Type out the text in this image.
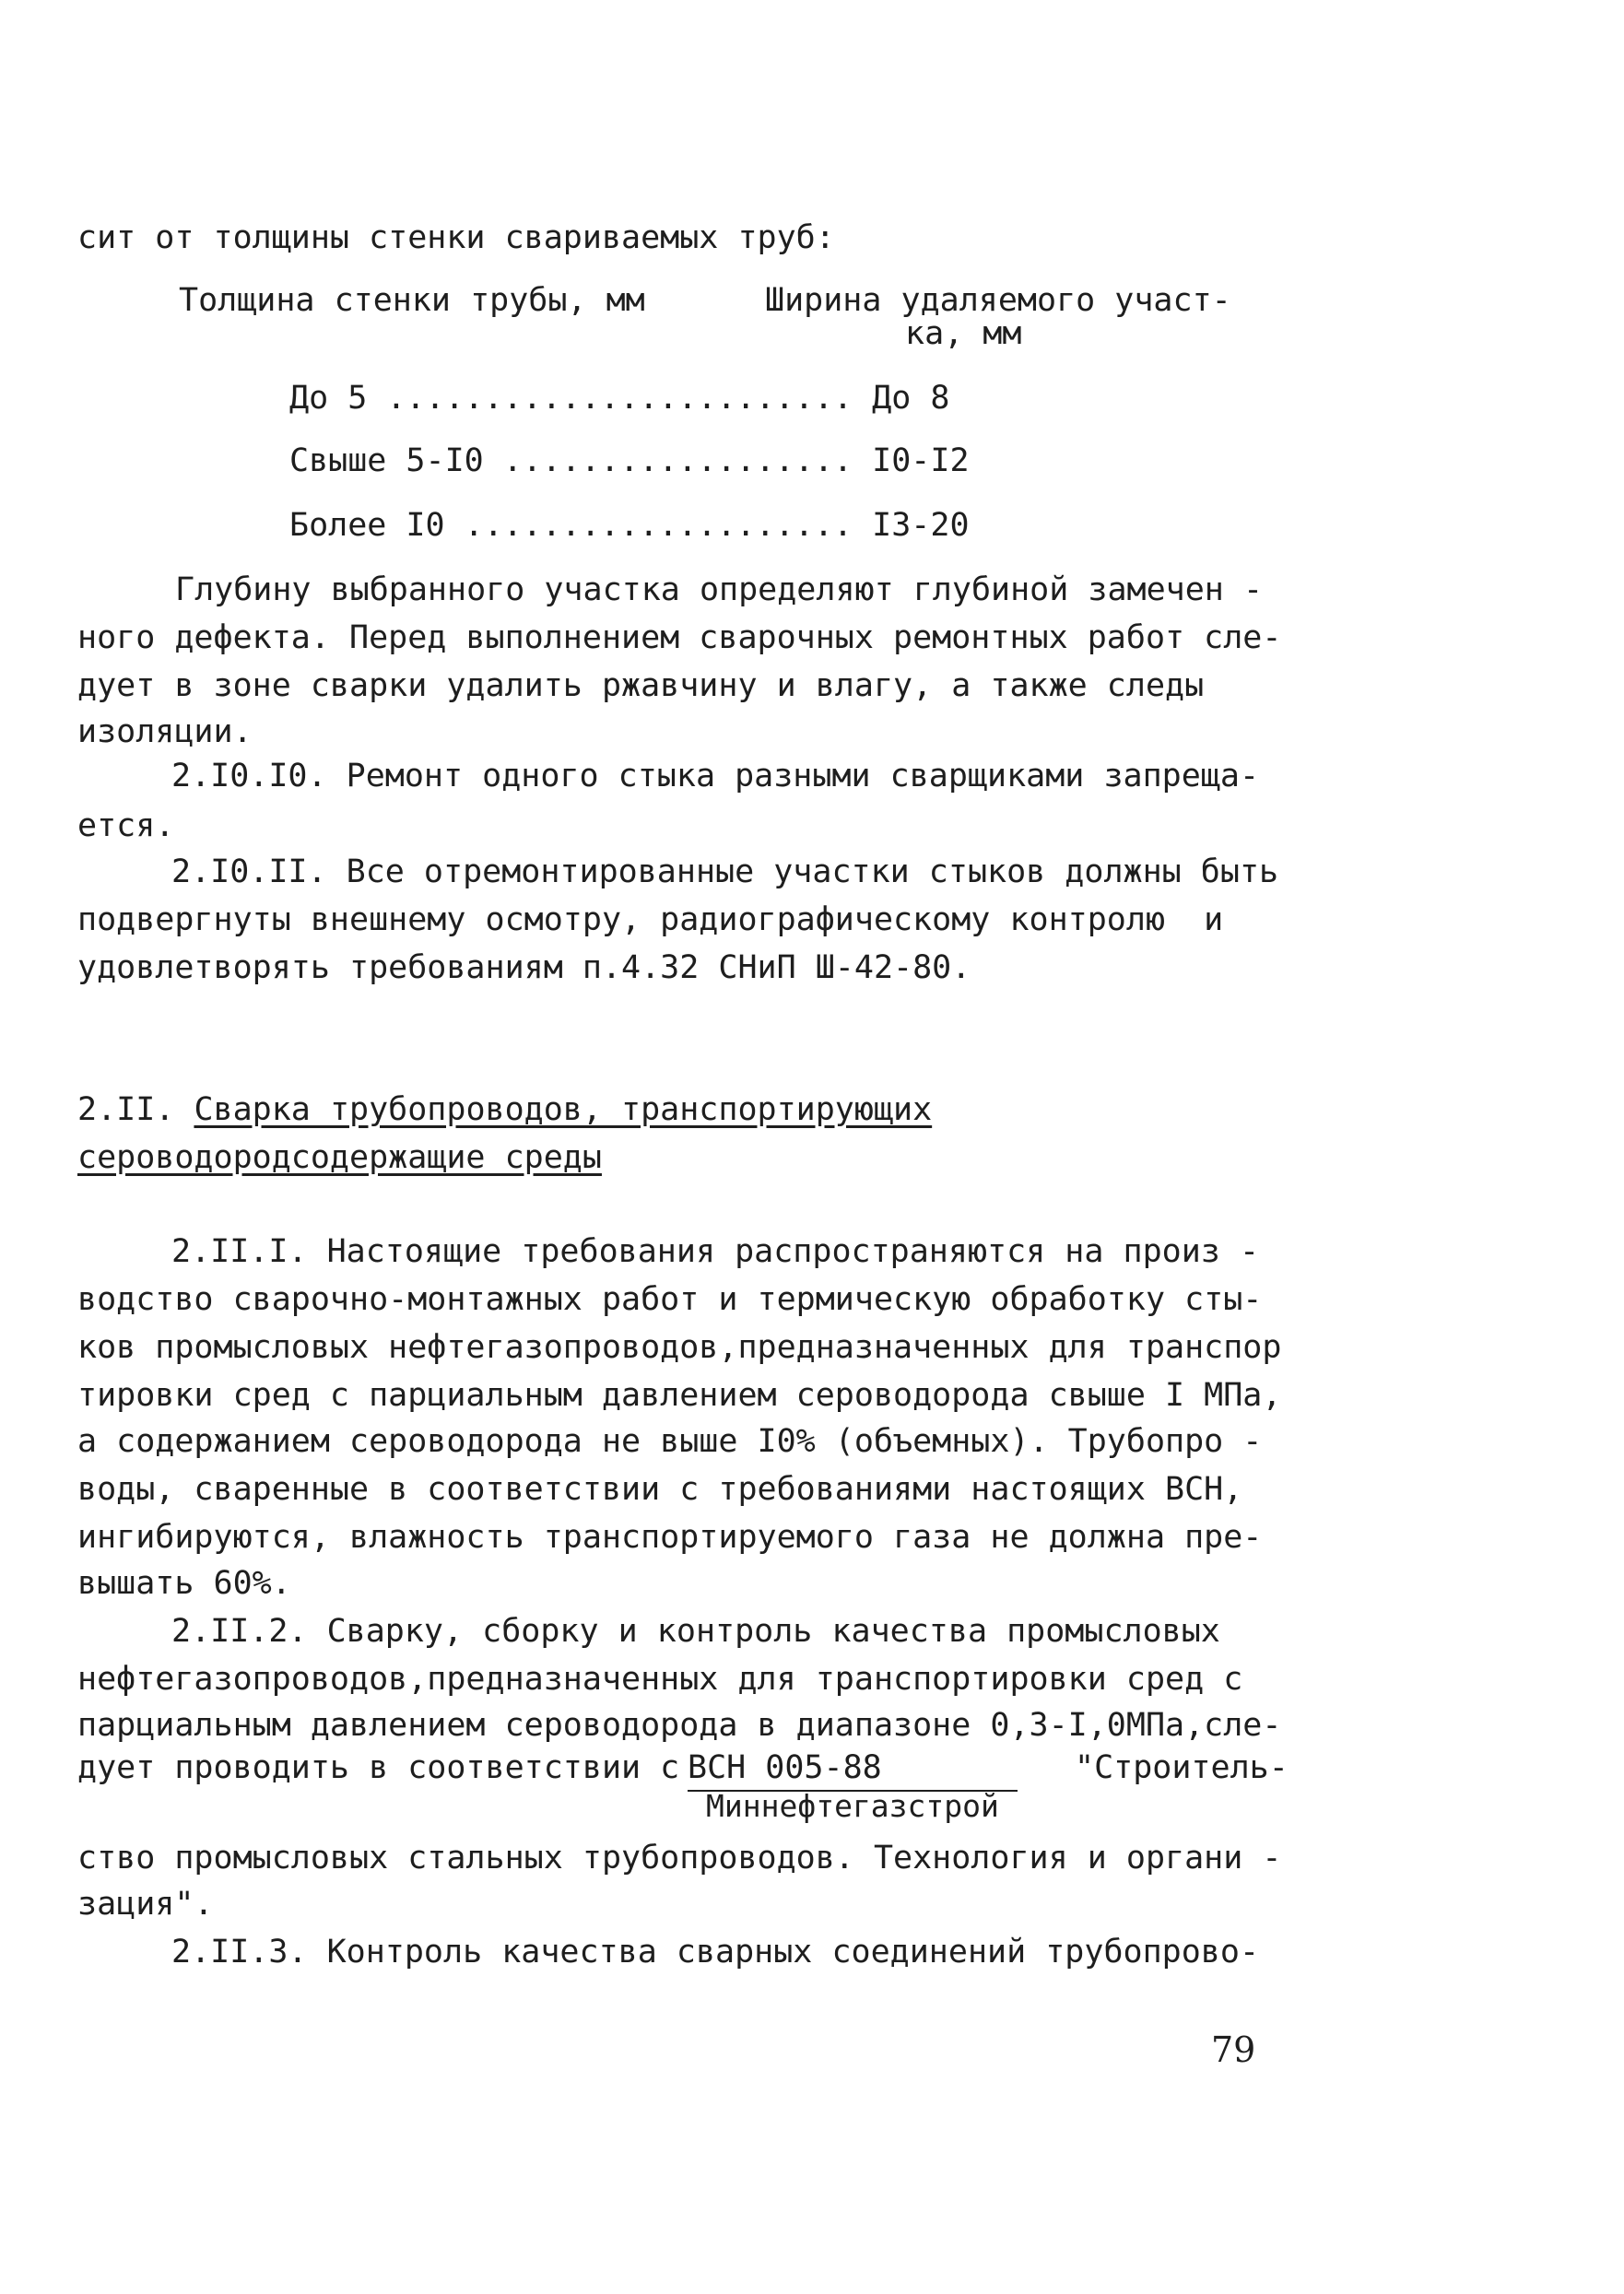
сит от толщины стенки свариваемых труб:
Толщина стенки трубы, мм	Ширина удаляемого участ-
ка, мм
До 5 ........................ До 8
Свыше 5-I0 .................. I0-I2
Более I0 .................... I3-20
Глубину выбранного участка определяют глубиной замечен -
ного дефекта. Перед выполнением сварочных ремонтных работ сле-
дует в зоне сварки удалить ржавчину и влагу, а также следы
изоляции.
2.I0.I0. Ремонт одного стыка разными сварщиками запреща-
ется.
2.I0.II. Все отремонтированные участки стыков должны быть
подвергнуты внешнему осмотру, радиографическому контролю  и
удовлетворять требованиям п.4.32 СНиП Ш-42-80.
2.II. Сварка трубопроводов, транспортирующих
сероводородсодержащие среды
2.II.I. Настоящие требования распространяются на произ -
водство сварочно-монтажных работ и термическую обработку сты-
ков промысловых нефтегазопроводов,предназначенных для транспор
тировки сред с парциальным давлением сероводорода свыше I МПа,
а содержанием сероводорода не выше I0% (объемных). Трубопро -
воды, сваренные в соответствии с требованиями настоящих ВСН,
ингибируются, влажность транспортируемого газа не должна пре-
вышать 60%.
2.II.2. Сварку, сборку и контроль качества промысловых
нефтегазопроводов,предназначенных для транспортировки сред с
парциальным давлением сероводорода в диапазоне 0,3-I,0МПа,сле-
дует проводить в соответствии с
ВСН 005-88
Миннефтегазстрой
"Строитель-
ство промысловых стальных трубопроводов. Технология и органи -
зация".
2.II.3. Контроль качества сварных соединений трубопрово-
79
